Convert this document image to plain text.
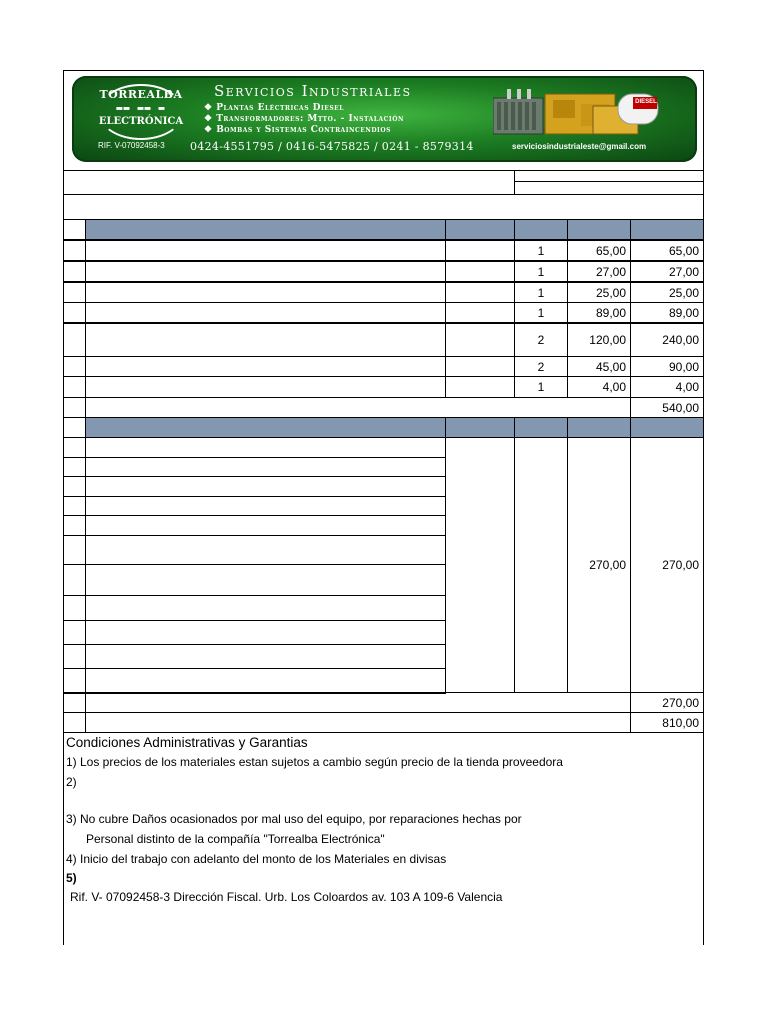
TORREALBA
▬▬ ▬▬ ▬
ELECTRÓNICA
RIF. V-07092458-3
Servicios Industriales
❖ Plantas Eléctricas Diesel
❖ Transformadores: Mtto. - Instalación
❖ Bombas y Sistemas Contraincendios
0424-4551795 / 0416-5475825 / 0241 - 8579314	serviciosindustrialeste@gmail.com
DIESEL
1	65,00	65,00
1	27,00	27,00
1	25,00	25,00
1	89,00	89,00
2	120,00	240,00
2	45,00	90,00
1	4,00	4,00
540,00
270,00	270,00
270,00
810,00
Condiciones Administrativas y Garantias
1) Los precios de los materiales estan sujetos a cambio según precio de la tienda proveedora
2)
3) No cubre Daños ocasionados por mal uso del equipo, por reparaciones hechas por
Personal distinto de la compañía "Torrealba Electrónica"
4) Inicio del trabajo con adelanto del monto de los Materiales en divisas
5)
Rif. V- 07092458-3 Dirección Fiscal. Urb. Los Coloardos av. 103 A 109-6 Valencia
